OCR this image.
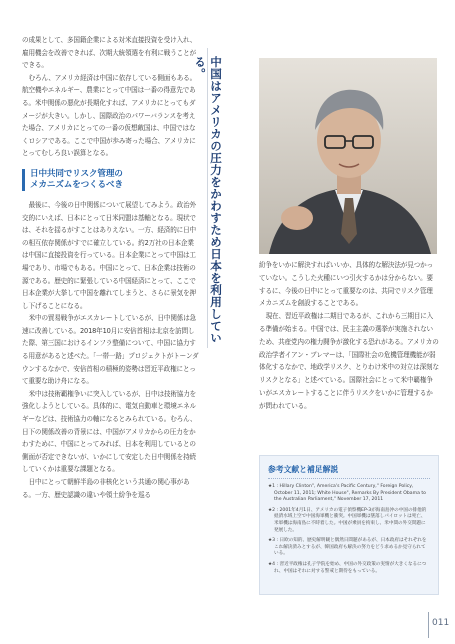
の成果として、多国籍企業による対米直接投資を受け入れ、雇用機会を改善できれば、次期大統領選を有利に戦うことができる。

むろん、アメリカ経済は中国に依存している側面もある。航空機やエネルギー、農業にとって中国は一番の得意先である。米中関係の悪化が長期化すれば、アメリカにとってもダメージが大きい。しかし、国際政治のパワーバランスを考えた場合、アメリカにとっての一番の仮想敵国は、中国ではなくロシアである。ここで中国が歩み寄った場合、アメリカにとってむしろ良い誤算となる。

日中共同でリスク管理の
メカニズムをつくるべき

最後に、今後の日中関係について展望してみよう。政治外交的にいえば、日本にとって日米同盟は基軸となる。現状では、それを揺るがすことはありえない。一方、経済的に日中の相互依存関係がすでに確立している。約2万社の日本企業は中国に直接投資を行っている。日本企業にとって中国は工場であり、市場でもある。中国にとって、日本企業は技術の源である。歴史的に緊張している中国経済にとって、ここで日本企業が大挙して中国を離れてしまうと、さらに景気を押し下げることになる。

米中の貿易戦争がエスカレートしているが、日中関係は急速に改善している。2018年10月に安倍首相は北京を訪問した際、第三国におけるインフラ整備について、中国に協力する用意があると述べた。「一帯一路」プロジェクトがトーンダウンするなかで、安倍首相の積極的姿勢は習近平政権にとって重要な助け舟になる。

米中は技術覇権争いに突入しているが、日中は技術協力を強化しようとしている。具体的に、電気自動車と環境エネルギーなどは、技術協力の軸になるとみられている。むろん、日下の関係改善の背景には、中国がアメリカからの圧力をかわすために、中国にとってみれば、日本を利用しているとの側面が否定できないが、いかにして安定した日中関係を持続していくかは重要な課題となる。

日中にとって朝鮮半島の非核化という共通の関心事がある。一方、歴史認識の違いや領土紛争を巡る

中国はアメリカの圧力をかわすため日本を利用している。

紛争をいかに解決すればいいか、具体的な解決法が見つかっていない。こうした火種にいつ引火するかは分からない。要するに、今後の日中にとって重要なのは、共同でリスク管理メカニズムを創設することである。

現在、習近平政権は二期目であるが、これから三期目に入る準備が始まる。中国では、民主主義の選挙が実施されないため、共産党内の権力闘争が激化する恐れがある。アメリカの政治学者イアン・ブレマーは、「国際社会の危機管理機能が弱体化するなかで、地政学リスク、とりわけ米中の対立は深刻なリスクとなる」と述べている。国際社会にとって米中覇権争いがエスカレートすることに伴うリスクをいかに管理するかが問われている。

参考文献と補足解説
★1 : Hillary Clinton", America's Pacific Century," Foreign Policy, October 11, 2011; White House", Remarks By President Obama to the Australian Parliament," November 17, 2011
★2 : 2001年4月1日、アメリカの電子偵察機EP-3が海南島沖の中国の排他的経済水域上空で中国海軍機と衝突。中国軍機は墜落しパイロットは死亡、米軍機は海南島に不時着した。中国が乗員を拘束し、米中間の外交問題に発展した。
★3 : 日欧の知的、歴史解明観と偶然日間題があるが、日本政府はそれぞれをこれ解決済みとするが、韓国政府も解決の努力をどう求めるか見守られている。
★4 : 習近平政権は孔子学院を始め、中国の外交政策の実情が大きくなるにつれ、中国はそれに対する警戒と期待をもっている。
011
